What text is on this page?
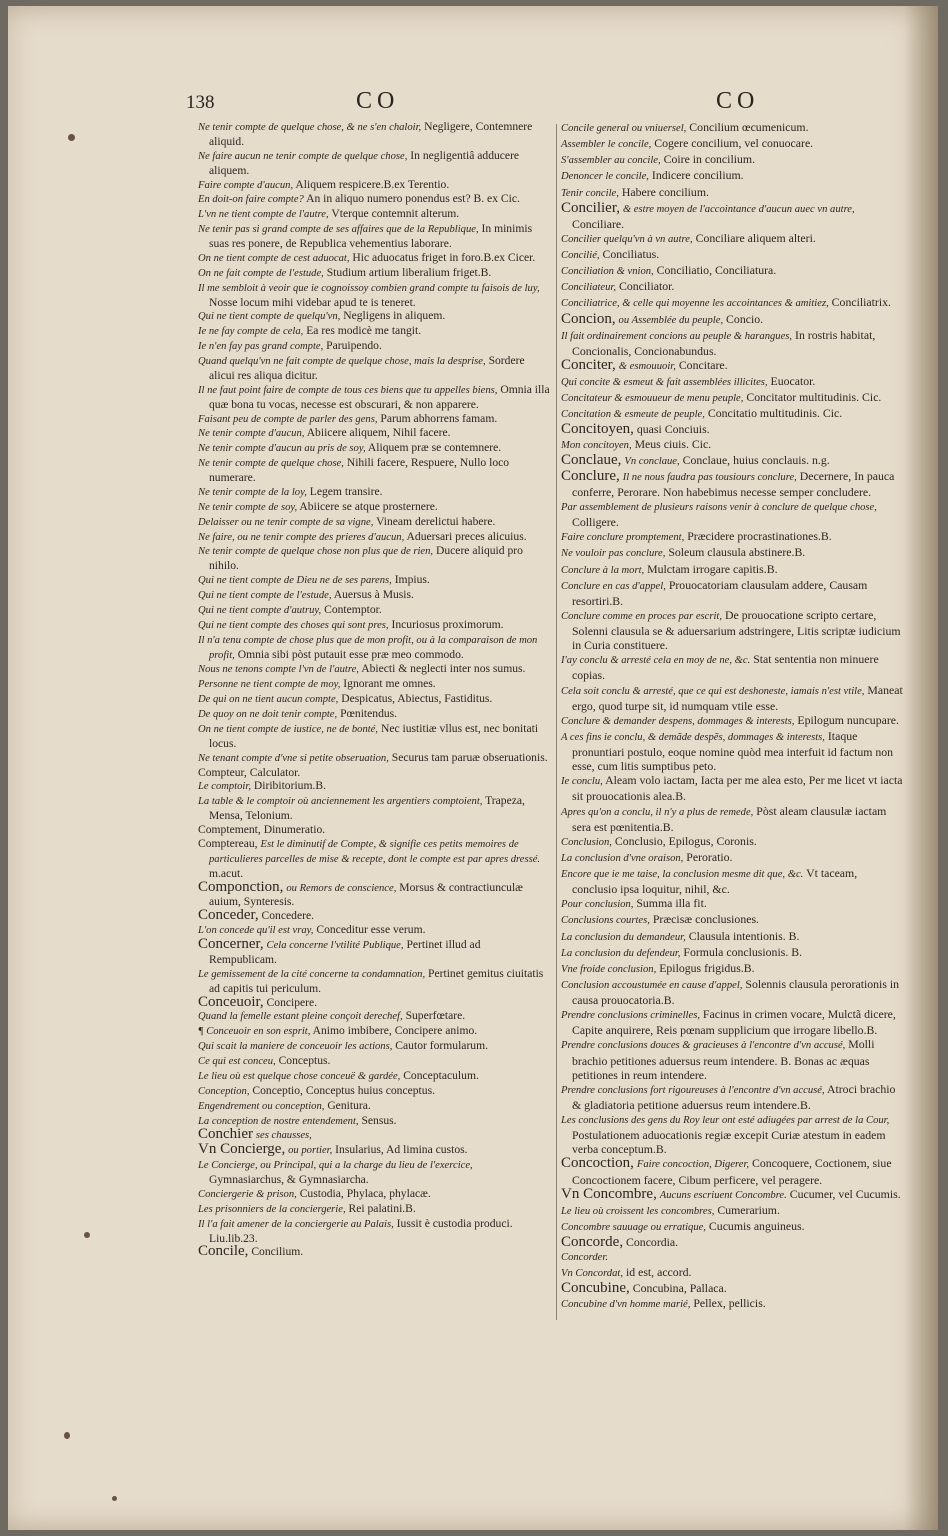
138	CO	CO

Ne tenir compte de quelque chose, & ne s'en chaloir, Negligere, Contemnere aliquid.

Ne faire aucun ne tenir compte de quelque chose, In negligentiâ adducere aliquem.

Faire compte d'aucun, Aliquem respicere.B.ex Terentio.

En doit-on faire compte? An in aliquo numero ponendus est? B. ex Cic.

L'vn ne tient compte de l'autre, Vterque contemnit alterum.

Ne tenir pas si grand compte de ses affaires que de la Republique, In minimis suas res ponere, de Republica vehementius laborare.

On ne tient compte de cest aduocat, Hic aduocatus friget in foro.B.ex Cicer.

On ne fait compte de l'estude, Studium artium liberalium friget.B.

Il me sembloit à veoir que ie cognoissoy combien grand compte tu faisois de luy, Nosse locum mihi videbar apud te is teneret.

Qui ne tient compte de quelqu'vn, Negligens in aliquem.

Ie ne fay compte de cela, Ea res modicè me tangit.

Ie n'en fay pas grand compte, Paruipendo.

Quand quelqu'vn ne fait compte de quelque chose, mais la desprise, Sordere alicui res aliqua dicitur.

Il ne faut point faire de compte de tous ces biens que tu appelles biens, Omnia illa quæ bona tu vocas, necesse est obscurari, & non apparere.

Faisant peu de compte de parler des gens, Parum abhorrens famam.

Ne tenir compte d'aucun, Abiicere aliquem, Nihil facere.

Ne tenir compte d'aucun au pris de soy, Aliquem præ se contemnere.

Ne tenir compte de quelque chose, Nihili facere, Respuere, Nullo loco numerare.

Ne tenir compte de la loy, Legem transire.

Ne tenir compte de soy, Abiicere se atque prosternere.

Delaisser ou ne tenir compte de sa vigne, Vineam derelictui habere.

Ne faire, ou ne tenir compte des prieres d'aucun, Aduersari preces alicuius.

Ne tenir compte de quelque chose non plus que de rien, Ducere aliquid pro nihilo.

Qui ne tient compte de Dieu ne de ses parens, Impius.

Qui ne tient compte de l'estude, Auersus à Musis.

Qui ne tient compte d'autruy, Contemptor.

Qui ne tient compte des choses qui sont pres, Incuriosus proximorum.

Il n'a tenu compte de chose plus que de mon profit, ou à la comparaison de mon profit, Omnia sibi pòst putauit esse præ meo commodo.

Nous ne tenons compte l'vn de l'autre, Abiecti & neglecti inter nos sumus.

Personne ne tient compte de moy, Ignorant me omnes.

De qui on ne tient aucun compte, Despicatus, Abiectus, Fastiditus.

De quoy on ne doit tenir compte, Pœnitendus.

On ne tient compte de iustice, ne de bonté, Nec iustitiæ vllus est, nec bonitati locus.

Ne tenant compte d'vne si petite obseruation, Securus tam paruæ obseruationis.

Compteur, Calculator.

Le comptoir, Diribitorium.B.

La table & le comptoir où anciennement les argentiers comptoient, Trapeza, Mensa, Telonium.

Comptement, Dinumeratio.

Comptereau, Est le diminutif de Compte, & signifie ces petits memoires de particulieres parcelles de mise & recepte, dont le compte est par apres dressé. m.acut.

Componction, ou Remors de conscience, Morsus & contractiunculæ auium, Synteresis.

Conceder, Concedere.

L'on concede qu'il est vray, Conceditur esse verum.

Concerner, Cela concerne l'vtilité Publique, Pertinet illud ad Rempublicam.

Le gemissement de la cité concerne ta condamnation, Pertinet gemitus ciuitatis ad capitis tui periculum.

Conceuoir, Concipere.

Quand la femelle estant pleine conçoit derechef, Superfœtare.

¶ Conceuoir en son esprit, Animo imbibere, Concipere animo.

Qui scait la maniere de conceuoir les actions, Cautor formularum.

Ce qui est conceu, Conceptus.

Le lieu où est quelque chose conceuë & gardée, Conceptaculum.

Conception, Conceptio, Conceptus huius conceptus.

Engendrement ou conception, Genitura.

La conception de nostre entendement, Sensus.

Conchier ses chausses,

Vn Concierge, ou portier, Insularius, Ad limina custos.

Le Concierge, ou Principal, qui a la charge du lieu de l'exercice, Gymnasiarchus, & Gymnasiarcha.

Conciergerie & prison, Custodia, Phylaca, phylacæ.

Les prisonniers de la conciergerie, Rei palatini.B.

Il l'a fait amener de la conciergerie au Palais, Iussit è custodia produci. Liu.lib.23.

Concile, Concilium.

Concile general ou vniuersel, Concilium œcumenicum.

Assembler le concile, Cogere concilium, vel conuocare.

S'assembler au concile, Coire in concilium.

Denoncer le concile, Indicere concilium.

Tenir concile, Habere concilium.

Concilier, & estre moyen de l'accointance d'aucun auec vn autre, Conciliare.

Concilier quelqu'vn à vn autre, Conciliare aliquem alteri.

Concilié, Conciliatus.

Conciliation & vnion, Conciliatio, Conciliatura.

Conciliateur, Conciliator.

Conciliatrice, & celle qui moyenne les accointances & amitiez, Conciliatrix.

Concion, ou Assemblée du peuple, Concio.

Il fait ordinairement concions au peuple & harangues, In rostris habitat, Concionalis, Concionabundus.

Conciter, & esmouuoir, Concitare.

Qui concite & esmeut & fait assemblées illicites, Euocator.

Concitateur & esmouueur de menu peuple, Concitator multitudinis. Cic.

Concitation & esmeute de peuple, Concitatio multitudinis. Cic.

Concitoyen, quasi Conciuis.

Mon concitoyen, Meus ciuis. Cic.

Conclaue, Vn conclaue, Conclaue, huius conclauis. n.g.

Conclure, Il ne nous faudra pas tousiours conclure, Decernere, In pauca conferre, Perorare. Non habebimus necesse semper concludere.

Par assemblement de plusieurs raisons venir à conclure de quelque chose, Colligere.

Faire conclure promptement, Præcidere procrastinationes.B.

Ne vouloir pas conclure, Soleum clausula abstinere.B.

Conclure à la mort, Mulctam irrogare capitis.B.

Conclure en cas d'appel, Prouocatoriam clausulam addere, Causam resortiri.B.

Conclure comme en proces par escrit, De prouocatione scripto certare, Solenni clausula se & aduersarium adstringere, Litis scriptæ iudicium in Curia constituere.

I'ay conclu & arresté cela en moy de ne, &c. Stat sententia non minuere copias.

Cela soit conclu & arresté, que ce qui est deshoneste, iamais n'est vtile, Maneat ergo, quod turpe sit, id numquam vtile esse.

Conclure & demander despens, dommages & interests, Epilogum nuncupare.

A ces fins ie conclu, & demãde despẽs, dommages & interests, Itaque pronuntiari postulo, eoque nomine quòd mea interfuit id factum non esse, cum litis sumptibus peto.

Ie conclu, Aleam volo iactam, Iacta per me alea esto, Per me licet vt iacta sit prouocationis alea.B.

Apres qu'on a conclu, il n'y a plus de remede, Pòst aleam clausulæ iactam sera est pœnitentia.B.

Conclusion, Conclusio, Epilogus, Coronis.

La conclusion d'vne oraison, Peroratio.

Encore que ie me taise, la conclusion mesme dit que, &c. Vt taceam, conclusio ipsa loquitur, nihil, &c.

Pour conclusion, Summa illa fit.

Conclusions courtes, Præcisæ conclusiones.

La conclusion du demandeur, Clausula intentionis. B.

La conclusion du defendeur, Formula conclusionis. B.

Vne froide conclusion, Epilogus frigidus.B.

Conclusion accoustumée en cause d'appel, Solennis clausula perorationis in causa prouocatoria.B.

Prendre conclusions criminelles, Facinus in crimen vocare, Mulctã dicere, Capite anquirere, Reis pœnam supplicium que irrogare libello.B.

Prendre conclusions douces & gracieuses à l'encontre d'vn accusé, Molli brachio petitiones aduersus reum intendere. B. Bonas ac æquas petitiones in reum intendere.

Prendre conclusions fort rigoureuses à l'encontre d'vn accusé, Atroci brachio & gladiatoria petitione aduersus reum intendere.B.

Les conclusions des gens du Roy leur ont esté adiugées par arrest de la Cour, Postulationem aduocationis regiæ excepit Curiæ atestum in eadem verba conceptum.B.

Concoction, Faire concoction, Digerer, Concoquere, Coctionem, siue Concoctionem facere, Cibum perficere, vel peragere.

Vn Concombre, Aucuns escriuent Concombre. Cucumer, vel Cucumis.

Le lieu où croissent les concombres, Cumerarium.

Concombre sauuage ou erratique, Cucumis anguineus.

Concorde, Concordia.

Concorder.

Vn Concordat, id est, accord.

Concubine, Concubina, Pallaca.

Concubine d'vn homme marié, Pellex, pellicis.
